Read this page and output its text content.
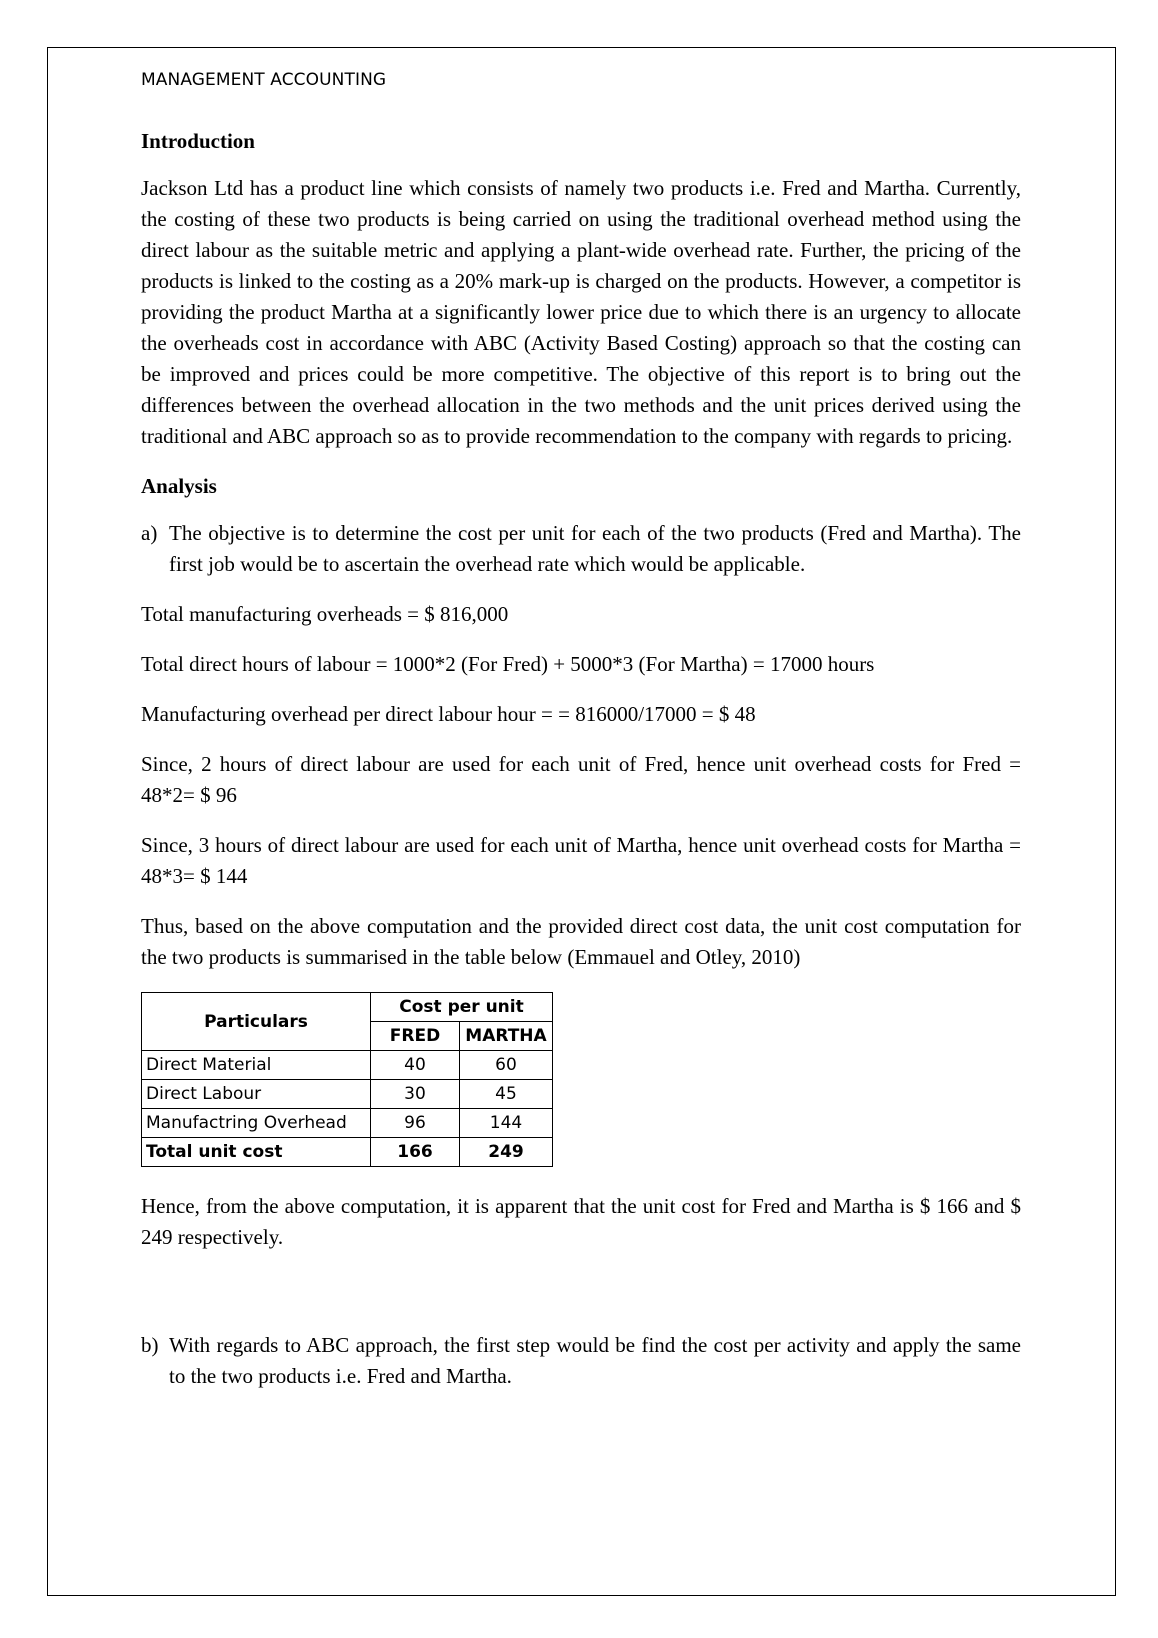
MANAGEMENT ACCOUNTING
Introduction

Jackson Ltd has a product line which consists of namely two products i.e. Fred and Martha. Currently, the costing of these two products is being carried on using the traditional overhead method using the direct labour as the suitable metric and applying a plant-wide overhead rate. Further, the pricing of the products is linked to the costing as a 20% mark-up is charged on the products. However, a competitor is providing the product Martha at a significantly lower price due to which there is an urgency to allocate the overheads cost in accordance with ABC (Activity Based Costing) approach so that the costing can be improved and prices could be more competitive. The objective of this report is to bring out the differences between the overhead allocation in the two methods and the unit prices derived using the traditional and ABC approach so as to provide recommendation to the company with regards to pricing.

Analysis
a) The objective is to determine the cost per unit for each of the two products (Fred and Martha). The first job would be to ascertain the overhead rate which would be applicable.

Total manufacturing overheads = $ 816,000

Total direct hours of labour = 1000*2 (For Fred) + 5000*3 (For Martha) = 17000 hours

Manufacturing overhead per direct labour hour = = 816000/17000 = $ 48

Since, 2 hours of direct labour are used for each unit of Fred, hence unit overhead costs for Fred = 48*2= $ 96

Since, 3 hours of direct labour are used for each unit of Martha, hence unit overhead costs for Martha = 48*3= $ 144

Thus, based on the above computation and the provided direct cost data, the unit cost computation for the two products is summarised in the table below (Emmauel and Otley, 2010)

Particulars	Cost per unit	
	FRED	MARTHA
Direct Material	40	60
Direct Labour	30	45
Manufactring Overhead	96	144
Total unit cost	166	249

Hence, from the above computation, it is apparent that the unit cost for Fred and Martha is $ 166 and $ 249 respectively.

b) With regards to ABC approach, the first step would be find the cost per activity and apply the same to the two products i.e. Fred and Martha.
